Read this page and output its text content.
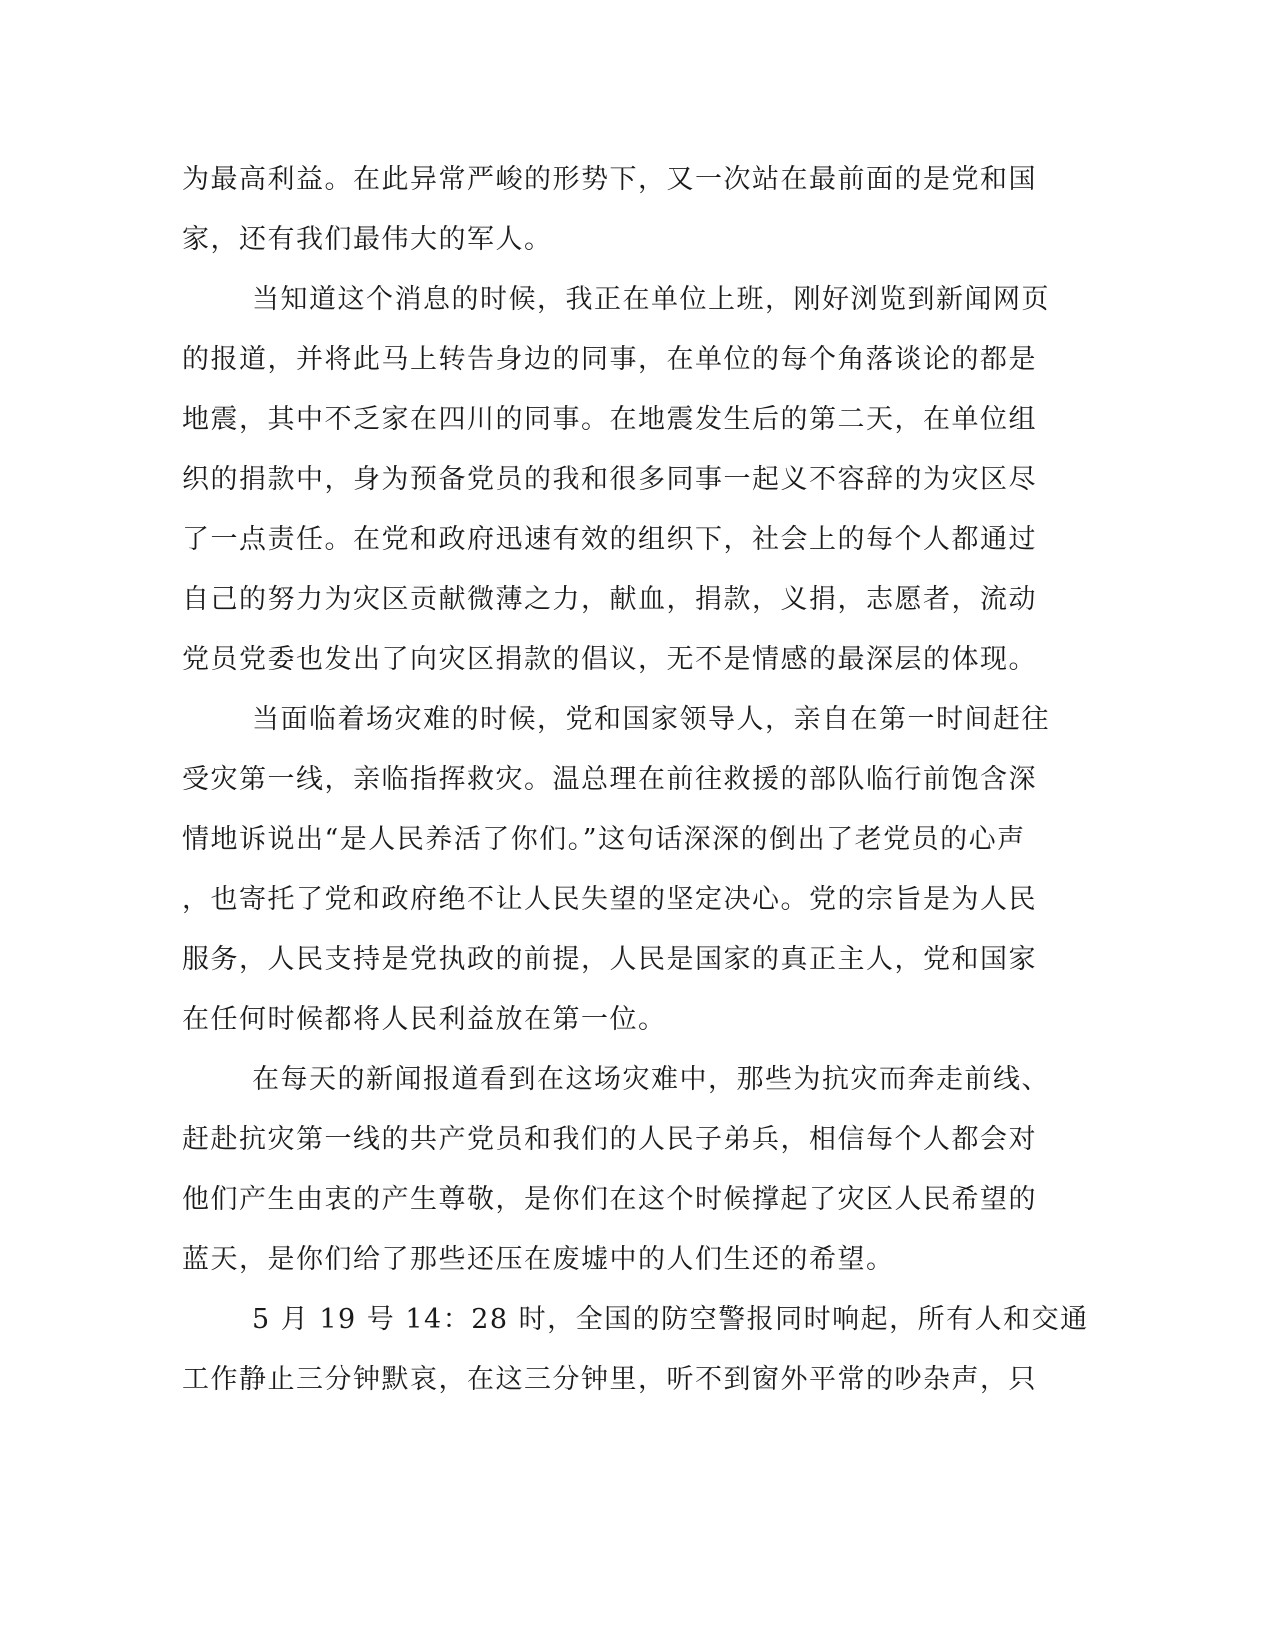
为最高利益。在此异常严峻的形势下，又一次站在最前面的是党和国
家，还有我们最伟大的军人。
当知道这个消息的时候，我正在单位上班，刚好浏览到新闻网页
的报道，并将此马上转告身边的同事，在单位的每个角落谈论的都是
地震，其中不乏家在四川的同事。在地震发生后的第二天，在单位组
织的捐款中，身为预备党员的我和很多同事一起义不容辞的为灾区尽
了一点责任。在党和政府迅速有效的组织下，社会上的每个人都通过
自己的努力为灾区贡献微薄之力，献血，捐款，义捐，志愿者，流动
党员党委也发出了向灾区捐款的倡议，无不是情感的最深层的体现。
当面临着场灾难的时候，党和国家领导人，亲自在第一时间赶往
受灾第一线，亲临指挥救灾。温总理在前往救援的部队临行前饱含深
情地诉说出“是人民养活了你们。”这句话深深的倒出了老党员的心声
，也寄托了党和政府绝不让人民失望的坚定决心。党的宗旨是为人民
服务，人民支持是党执政的前提，人民是国家的真正主人，党和国家
在任何时候都将人民利益放在第一位。
在每天的新闻报道看到在这场灾难中，那些为抗灾而奔走前线、
赶赴抗灾第一线的共产党员和我们的人民子弟兵，相信每个人都会对
他们产生由衷的产生尊敬，是你们在这个时候撑起了灾区人民希望的
蓝天，是你们给了那些还压在废墟中的人们生还的希望。
5 月 19 号 14：28 时，全国的防空警报同时响起，所有人和交通
工作静止三分钟默哀，在这三分钟里，听不到窗外平常的吵杂声，只
